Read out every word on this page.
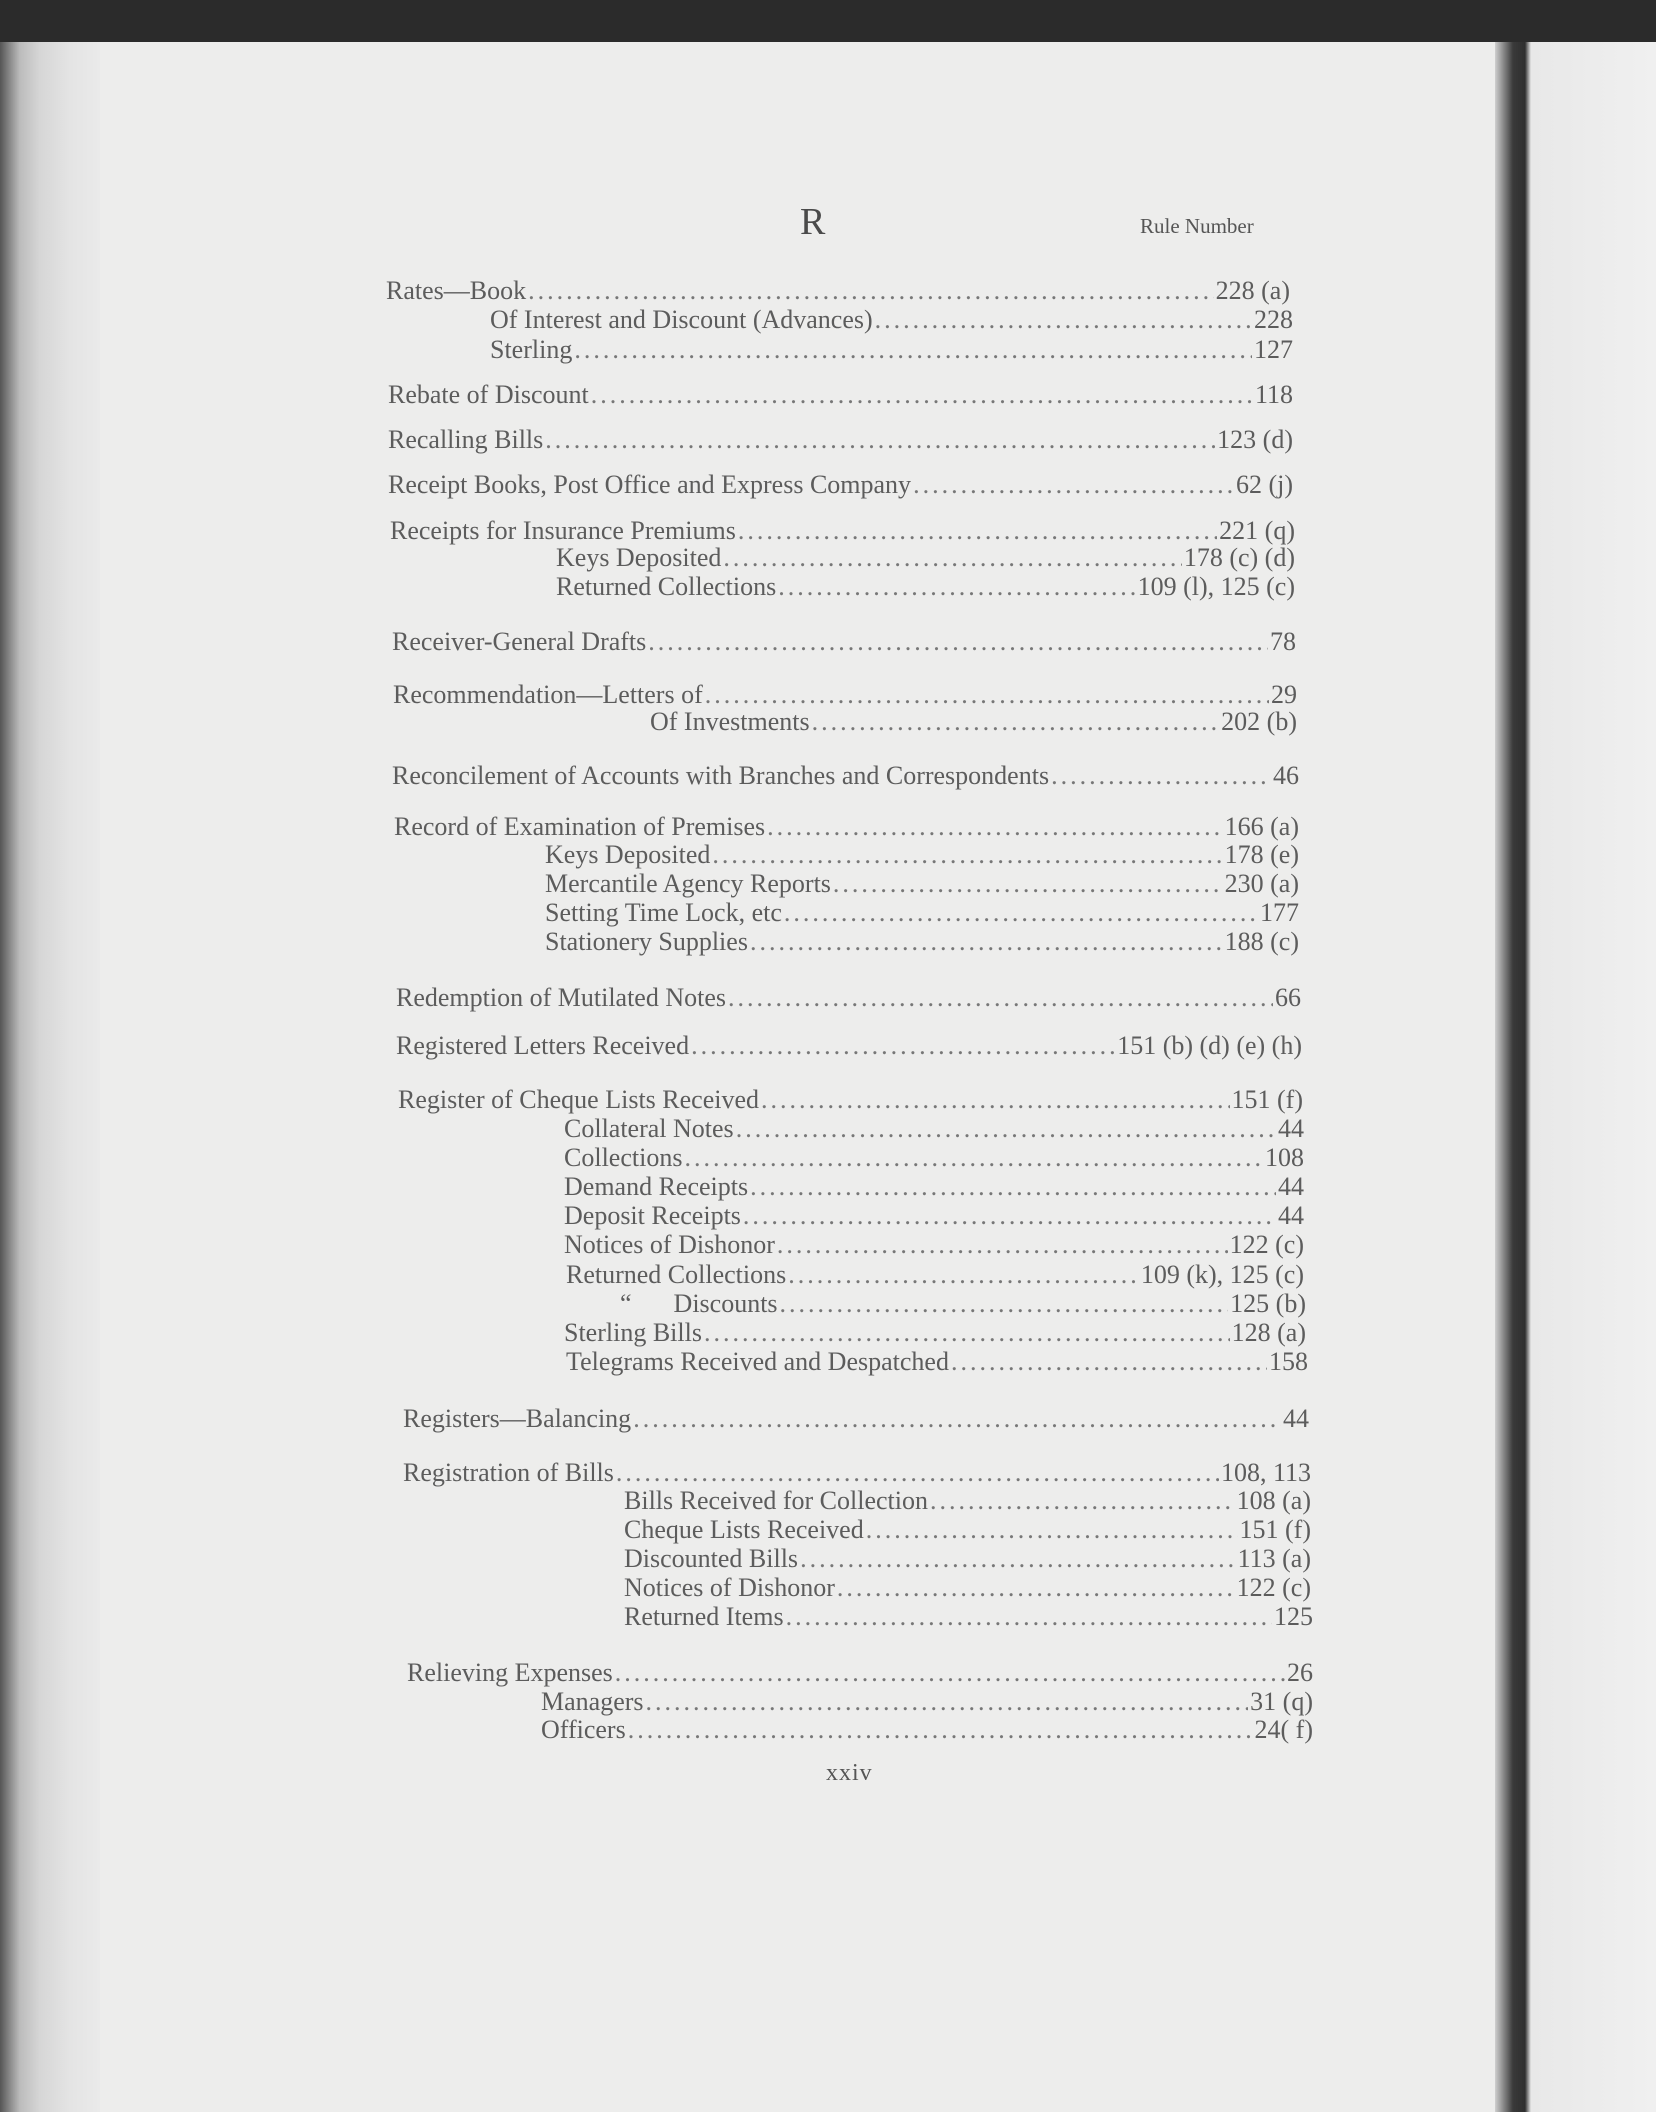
R	Rule Number
Rates—Book .....	228 (a)
Of Interest and Discount (Advances) .....	228
Sterling .....	127
Rebate of Discount .....	118
Recalling Bills .....	123 (d)
Receipt Books, Post Office and Express Company .....	62 (j)
Receipts for Insurance Premiums .....	221 (q)
Keys Deposited .....	178 (c) (d)
Returned Collections .....	109 (l), 125 (c)
Receiver-General Drafts .....	78
Recommendation—Letters of .....	29
Of Investments .....	202 (b)
Reconcilement of Accounts with Branches and Correspondents .....	46
Record of Examination of Premises .....	166 (a)
Keys Deposited .....	178 (e)
Mercantile Agency Reports .....	230 (a)
Setting Time Lock, etc .....	177
Stationery Supplies .....	188 (c)
Redemption of Mutilated Notes .....	66
Registered Letters Received .....	151 (b) (d) (e) (h)
Register of Cheque Lists Received .....	151 (f)
Collateral Notes .....	44
Collections .....	108
Demand Receipts .....	44
Deposit Receipts .....	44
Notices of Dishonor .....	122 (c)
Returned Collections .....	109 (k), 125 (c)
“ Discounts .....	125 (b)
Sterling Bills .....	128 (a)
Telegrams Received and Despatched .....	158
Registers—Balancing .....	44
Registration of Bills .....	108, 113
Bills Received for Collection .....	108 (a)
Cheque Lists Received .....	151 (f)
Discounted Bills .....	113 (a)
Notices of Dishonor .....	122 (c)
Returned Items .....	125
Relieving Expenses .....	26
Managers .....	31 (q)
Officers .....	24( f)
xxiv
